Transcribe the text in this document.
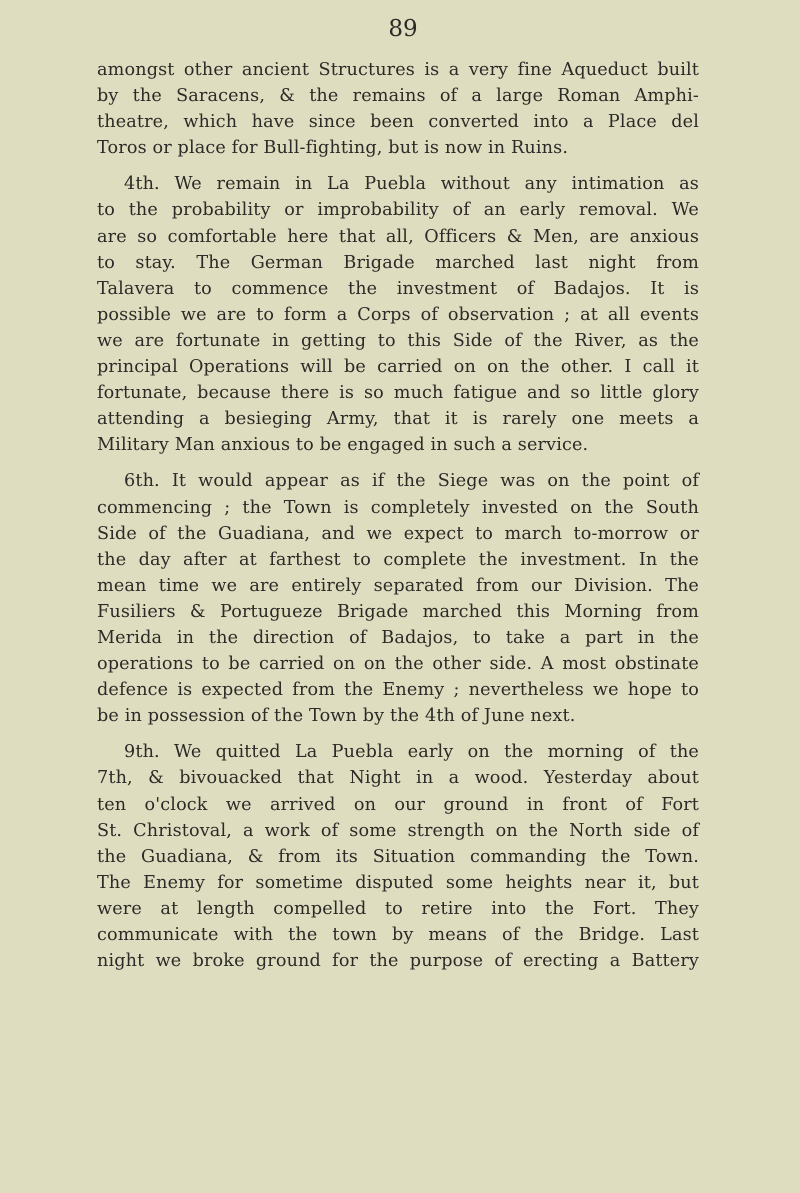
89
amongst other ancient Structures is a very fine Aqueduct built
by the Saracens, & the remains of a large Roman Amphi-
theatre, which have since been converted into a Place del
Toros or place for Bull-fighting, but is now in Ruins.
4th. We remain in La Puebla without any intimation as
to the probability or improbability of an early removal. We
are so comfortable here that all, Officers & Men, are anxious
to stay. The German Brigade marched last night from
Talavera to commence the investment of Badajos. It is
possible we are to form a Corps of observation ; at all events
we are fortunate in getting to this Side of the River, as the
principal Operations will be carried on on the other. I call it
fortunate, because there is so much fatigue and so little glory
attending a besieging Army, that it is rarely one meets a
Military Man anxious to be engaged in such a service.
6th. It would appear as if the Siege was on the point of
commencing ; the Town is completely invested on the South
Side of the Guadiana, and we expect to march to-morrow or
the day after at farthest to complete the investment. In the
mean time we are entirely separated from our Division. The
Fusiliers & Portugueze Brigade marched this Morning from
Merida in the direction of Badajos, to take a part in the
operations to be carried on on the other side. A most obstinate
defence is expected from the Enemy ; nevertheless we hope to
be in possession of the Town by the 4th of June next.
9th. We quitted La Puebla early on the morning of the
7th, & bivouacked that Night in a wood. Yesterday about
ten o'clock we arrived on our ground in front of Fort
St. Christoval, a work of some strength on the North side of
the Guadiana, & from its Situation commanding the Town.
The Enemy for sometime disputed some heights near it, but
were at length compelled to retire into the Fort. They
communicate with the town by means of the Bridge. Last
night we broke ground for the purpose of erecting a Battery
